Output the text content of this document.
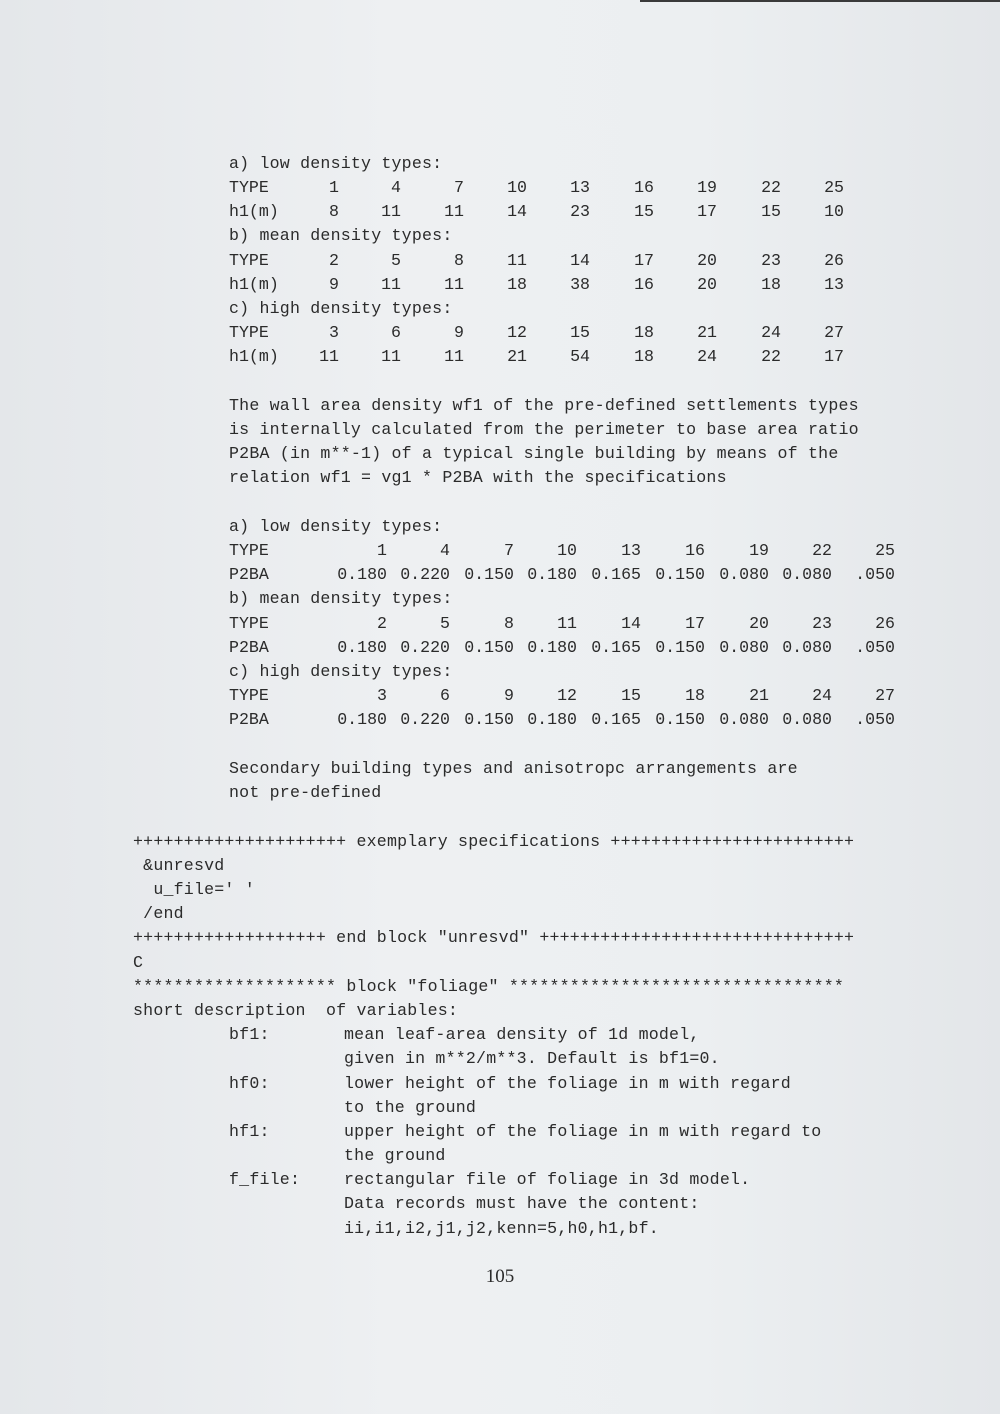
a) low density types:
TYPE	1	4	7	10	13	16	19	22	25
h1(m)	8	11	11	14	23	15	17	15	10
b) mean density types:
TYPE	2	5	8	11	14	17	20	23	26
h1(m)	9	11	11	18	38	16	20	18	13
c) high density types:
TYPE	3	6	9	12	15	18	21	24	27
h1(m) 11	11	11	21	54	18	24	22	17
The wall area density wf1 of the pre-defined settlements types
is internally calculated from the perimeter to base area ratio
P2BA (in m**-1) of a typical single building by means of the
relation wf1 = vg1 * P2BA with the specifications
a) low density types:
TYPE	1	4	7	10	13	16	19	22	25
P2BA	0.180 0.220 0.150 0.180 0.165 0.150 0.080 0.080 .050
b) mean density types:
TYPE	2	5	8	11	14	17	20	23	26
P2BA	0.180 0.220 0.150 0.180 0.165 0.150 0.080 0.080 .050
c) high density types:
TYPE	3	6	9	12	15	18	21	24	27
P2BA	0.180 0.220 0.150 0.180 0.165 0.150 0.080 0.080 .050
Secondary building types and anisotropc arrangements are
not pre-defined
+++++++++++++++++++++ exemplary specifications ++++++++++++++++++++++++
&unresvd
u_file=' '
/end
+++++++++++++++++++ end block "unresvd" +++++++++++++++++++++++++++++++
C
******************** block "foliage" *********************************
short description  of variables:
bf1:	mean leaf-area density of 1d model,
given in m**2/m**3. Default is bf1=0.
hf0:	lower height of the foliage in m with regard
to the ground
hf1:	upper height of the foliage in m with regard to
the ground
f_file:	rectangular file of foliage in 3d model.
Data records must have the content:
ii,i1,i2,j1,j2,kenn=5,h0,h1,bf.
105
